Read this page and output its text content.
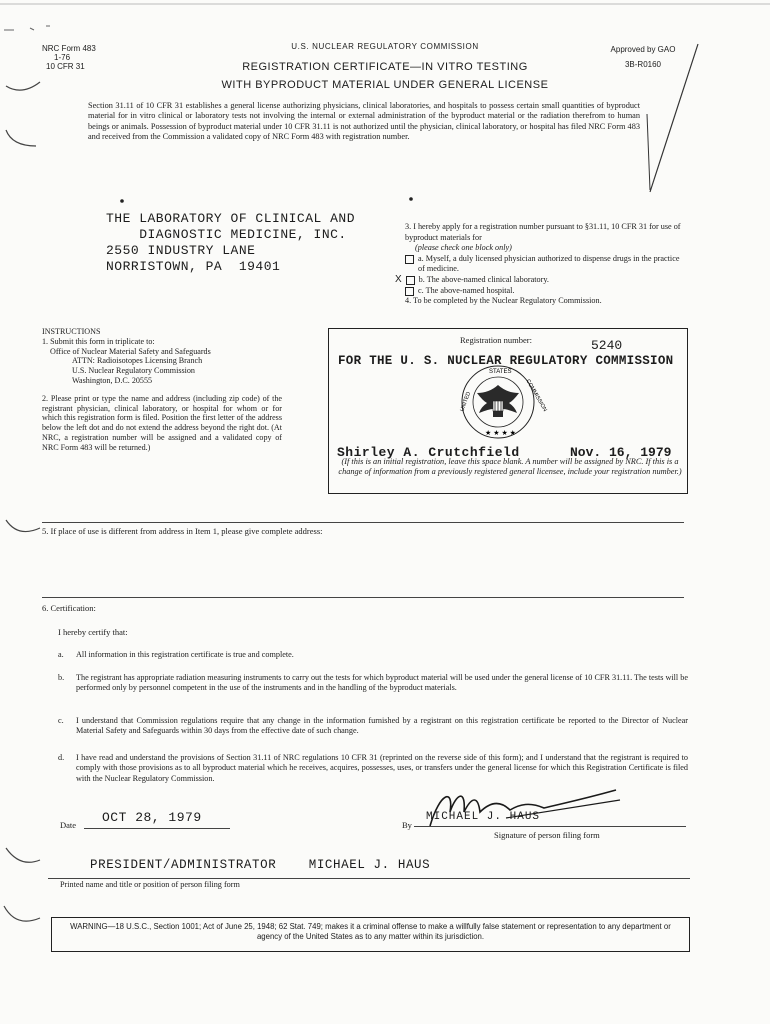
NRC Form 483
1-76
10 CFR 31
U.S. NUCLEAR REGULATORY COMMISSION	Approved by GAO
3B-R0160
REGISTRATION CERTIFICATE—IN VITRO TESTING
WITH BYPRODUCT MATERIAL UNDER GENERAL LICENSE
Section 31.11 of 10 CFR 31 establishes a general license authorizing physicians, clinical laboratories, and hospitals to possess certain small quantities of byproduct material for in vitro clinical or laboratory tests not involving the internal or external administration of the byproduct material or the radiation therefrom to human beings or animals. Possession of byproduct material under 10 CFR 31.11 is not authorized until the physician, clinical laboratory, or hospital has filed NRC Form 483 and received from the Commission a validated copy of NRC Form 483 with registration number.
THE LABORATORY OF CLINICAL AND
DIAGNOSTIC MEDICINE, INC.
2550 INDUSTRY LANE
NORRISTOWN, PA  19401
3. I hereby apply for a registration number pursuant to §31.11, 10 CFR 31 for use of byproduct materials for
(please check one block only)
a. Myself, a duly licensed physician authorized to dispense drugs in the practice of medicine.
X b. The above-named clinical laboratory.
c. The above-named hospital.
4. To be completed by the Nuclear Regulatory Commission.
INSTRUCTIONS
1. Submit this form in triplicate to:
Office of Nuclear Material Safety and Safeguards
ATTN: Radioisotopes Licensing Branch
U.S. Nuclear Regulatory Commission
Washington, D.C. 20555
2. Please print or type the name and address (including zip code) of the registrant physician, clinical laboratory, or hospital for whom or for which this registration form is filed. Position the first letter of the address below the left dot and do not extend the address beyond the right dot. (At NRC, a registration number will be assigned and a validated copy of NRC Form 483 will be returned.)
Registration number:	5240
FOR THE U. S. NUCLEAR REGULATORY COMMISSION
STATES
UNITED	COMMISSION
★ ★ ★ ★
Shirley A. Crutchfield	Nov. 16, 1979
(If this is an initial registration, leave this space blank. A number will be assigned by NRC. If this is a change of information from a previously registered general licensee, include your registration number.)
5. If place of use is different from address in Item 1, please give complete address:
6. Certification:
I hereby certify that:
a. All information in this registration certificate is true and complete.
b. The registrant has appropriate radiation measuring instruments to carry out the tests for which byproduct material will be used under the general license of 10 CFR 31.11. The tests will be performed only by personnel competent in the use of the instruments and in the handling of the byproduct materials.
c. I understand that Commission regulations require that any change in the information furnished by a registrant on this registration certificate be reported to the Director of Nuclear Material Safety and Safeguards within 30 days from the effective date of such change.
d. I have read and understand the provisions of Section 31.11 of NRC regulations 10 CFR 31 (reprinted on the reverse side of this form); and I understand that the registrant is required to comply with those provisions as to all byproduct material which he receives, acquires, possesses, uses, or transfers under the general license for which this Registration Certificate is filed with the Nuclear Regulatory Commission.
Date OCT 28, 1979	By
MICHAEL J. HAUS
Signature of person filing form
PRESIDENT/ADMINISTRATOR	MICHAEL J. HAUS
Printed name and title or position of person filing form
WARNING—18 U.S.C., Section 1001; Act of June 25, 1948; 62 Stat. 749; makes it a criminal offense to make a willfully false statement or representation to any department or agency of the United States as to any matter within its jurisdiction.
